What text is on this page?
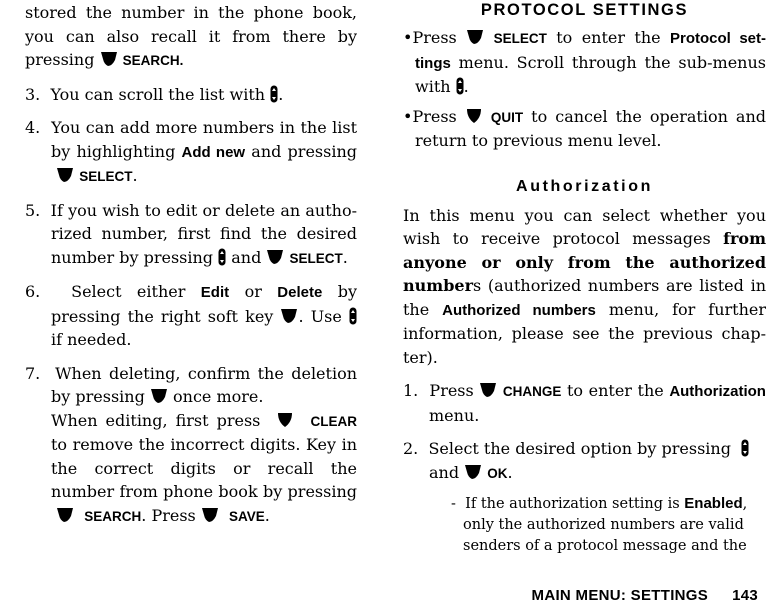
stored the number in the phone book, you can also recall it from there by pressing SEARCH.

3. You can scroll the list with .

4. You can add more numbers in the list by highlighting Add new and pressing
SELECT.

5. If you wish to edit or delete an authorized number, first find the desired number by pressing and SELECT.

6. Select either Edit or Delete by pressing the right soft key . Use
if needed.

7. When deleting, confirm the deletion by pressing once more.
When editing, first press	CLEAR to remove the incorrect digits. Key in the correct digits or recall the number from phone book by pressing
SEARCH. Press SAVE.

PROTOCOL SETTINGS

•Press	SELECT to enter the Protocol settings menu. Scroll through the sub-menus with .

•Press	QUIT to cancel the operation and return to previous menu level.

Authorization

In this menu you can select whether you wish to receive protocol messages from anyone or only from the authorized numbers (authorized numbers are listed in the Authorized numbers menu, for further information, please see the previous chapter).

1. Press CHANGE to enter the Authorization menu.

2. Select the desired option by pressing

and OK.

- If the authorization setting is Enabled, only the authorized numbers are valid senders of a protocol message and the

MAIN MENU: SETTINGS 143
